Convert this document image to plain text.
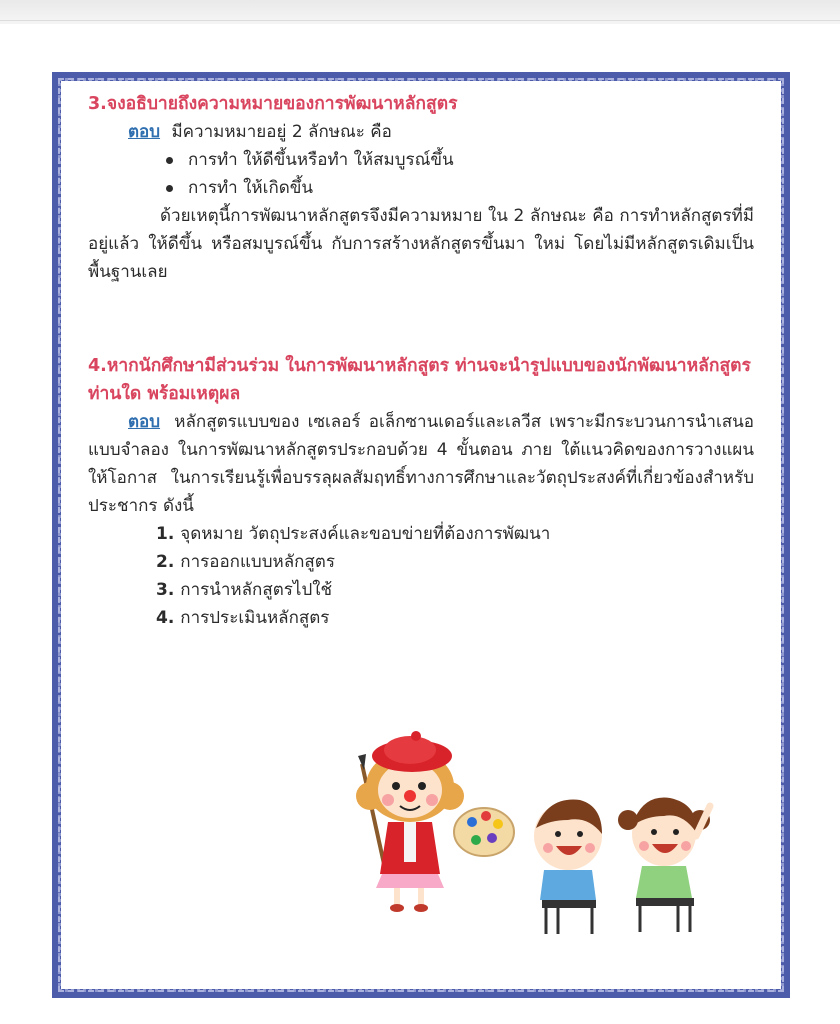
3.จงอธิบายถึงความหมายของการพัฒนาหลักสูตร

ตอบ มีความหมายอยู่ 2 ลักษณะ คือ

การทำ ให้ดีขึ้นหรือทำ ให้สมบูรณ์ขึ้น
การทำ ให้เกิดขึ้น

ด้วยเหตุนี้การพัฒนาหลักสูตรจึงมีความหมาย ใน 2 ลักษณะ คือ การทำหลักสูตรที่มีอยู่แล้ว ให้ดีขึ้น หรือสมบูรณ์ขึ้น กับการสร้างหลักสูตรขึ้นมา ใหม่ โดยไม่มีหลักสูตรเดิมเป็นพื้นฐานเลย

4.หากนักศึกษามีส่วนร่วม ในการพัฒนาหลักสูตร ท่านจะนำรูปแบบของนักพัฒนาหลักสูตรท่านใด พร้อมเหตุผล

ตอบ หลักสูตรแบบของ เซเลอร์ อเล็กซานเดอร์และเลวีส เพราะมีกระบวนการนำเสนอแบบจำลอง ในการพัฒนาหลักสูตรประกอบด้วย 4 ขั้นตอน ภาย ใต้แนวคิดของการวางแผน ให้โอกาส ในการเรียนรู้เพื่อบรรลุผลสัมฤทธิ์ทางการศึกษาและวัตถุประสงค์ที่เกี่ยวข้องสำหรับประชากร ดังนี้

1. จุดหมาย วัตถุประสงค์และขอบข่ายที่ต้องการพัฒนา
2. การออกแบบหลักสูตร
3. การนำหลักสูตรไปใช้
4. การประเมินหลักสูตร
